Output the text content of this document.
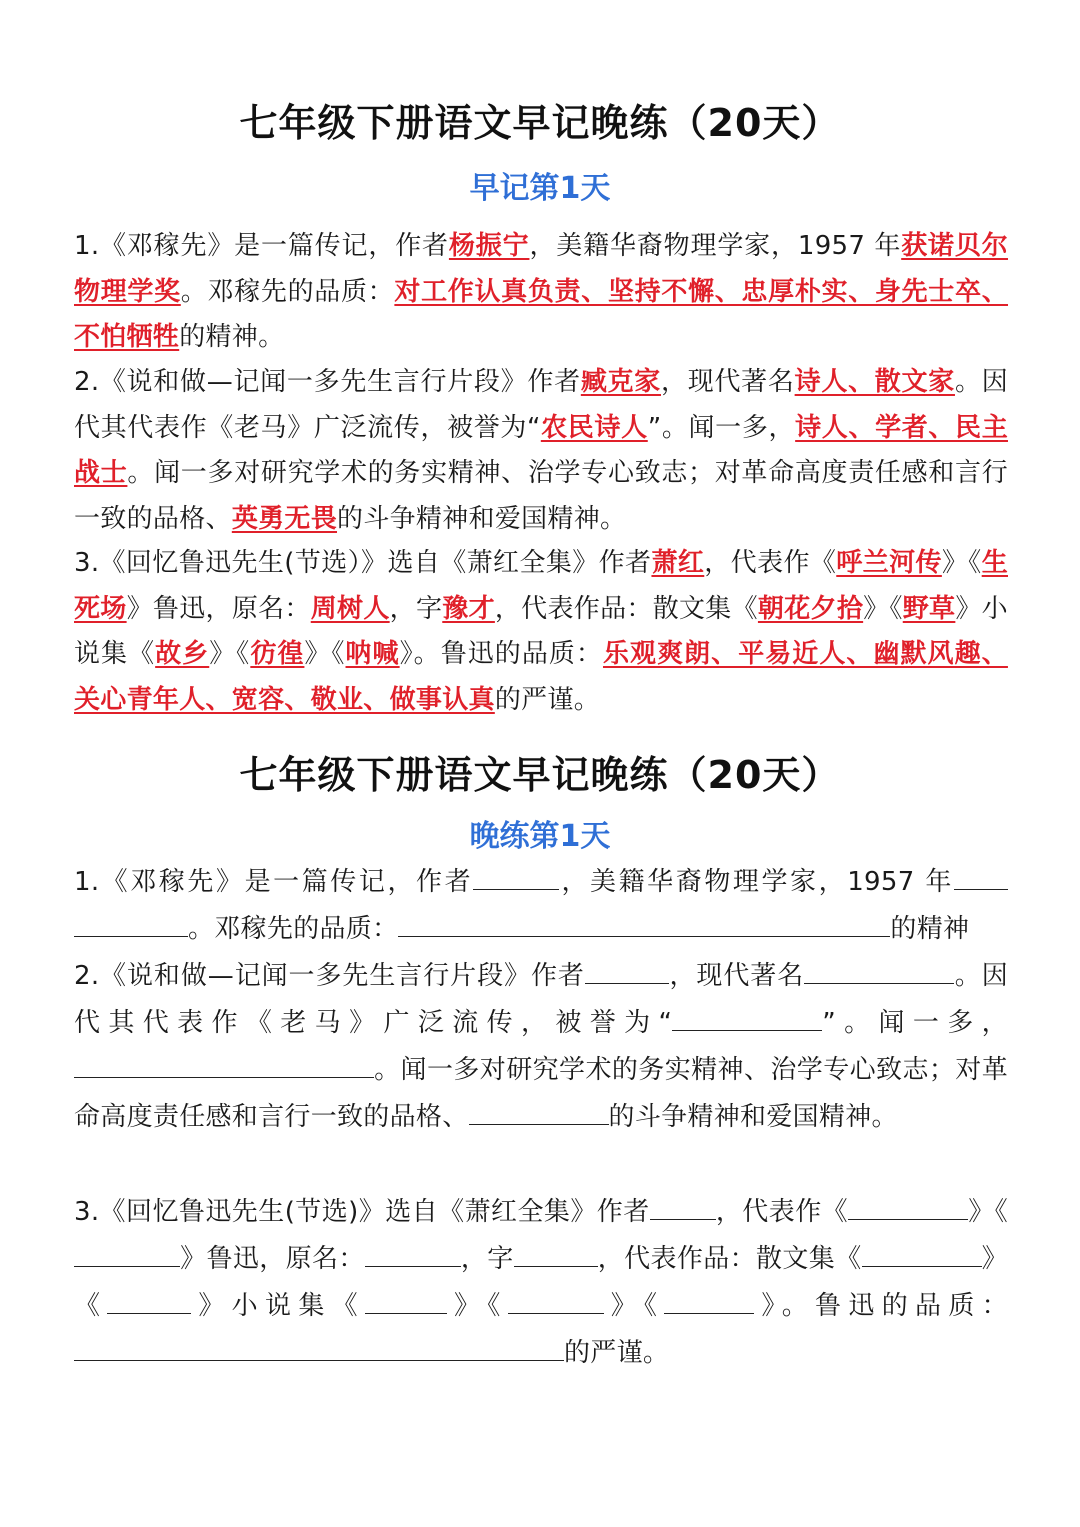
七年级下册语文早记晚练（20天）
早记第1天
1.《邓稼先》是一篇传记，作者杨振宁，美籍华裔物理学家，1957 年获诺贝尔物理学奖。邓稼先的品质：对工作认真负责、坚持不懈、忠厚朴实、身先士卒、不怕牺牲的精神。
2.《说和做—记闻一多先生言行片段》作者臧克家，现代著名诗人、散文家。因代其代表作《老马》广泛流传，被誉为“农民诗人”。闻一多，诗人、学者、民主战士。闻一多对研究学术的务实精神、治学专心致志；对革命高度责任感和言行一致的品格、英勇无畏的斗争精神和爱国精神。
3.《回忆鲁迅先生(节选）》选自《萧红全集》作者萧红，代表作《呼兰河传》《生死场》鲁迅，原名：周树人，字豫才，代表作品：散文集《朝花夕拾》《野草》小说集《故乡》《彷徨》《呐喊》。鲁迅的品质：乐观爽朗、平易近人、幽默风趣、关心青年人、宽容、敬业、做事认真的严谨。
七年级下册语文早记晚练（20天）
晚练第1天
1.《邓稼先》是一篇传记，作者	，美籍华裔物理学家，1957 年。邓稼先的品质：	的精神
2.《说和做—记闻一多先生言行片段》作者	，现代著名	。因代其代表作《老马》广泛流传，被誉为“	”。闻一多，。闻一多对研究学术的务实精神、治学专心致志；对革命高度责任感和言行一致的品格、	的斗争精神和爱国精神。
3.《回忆鲁迅先生(节选)》选自《萧红全集》作者	，代表作《	》《》鲁迅，原名：	，字	，代表作品：散文集《	》《	》小说集《	》《	》《	》。鲁迅的品质：的严谨。
